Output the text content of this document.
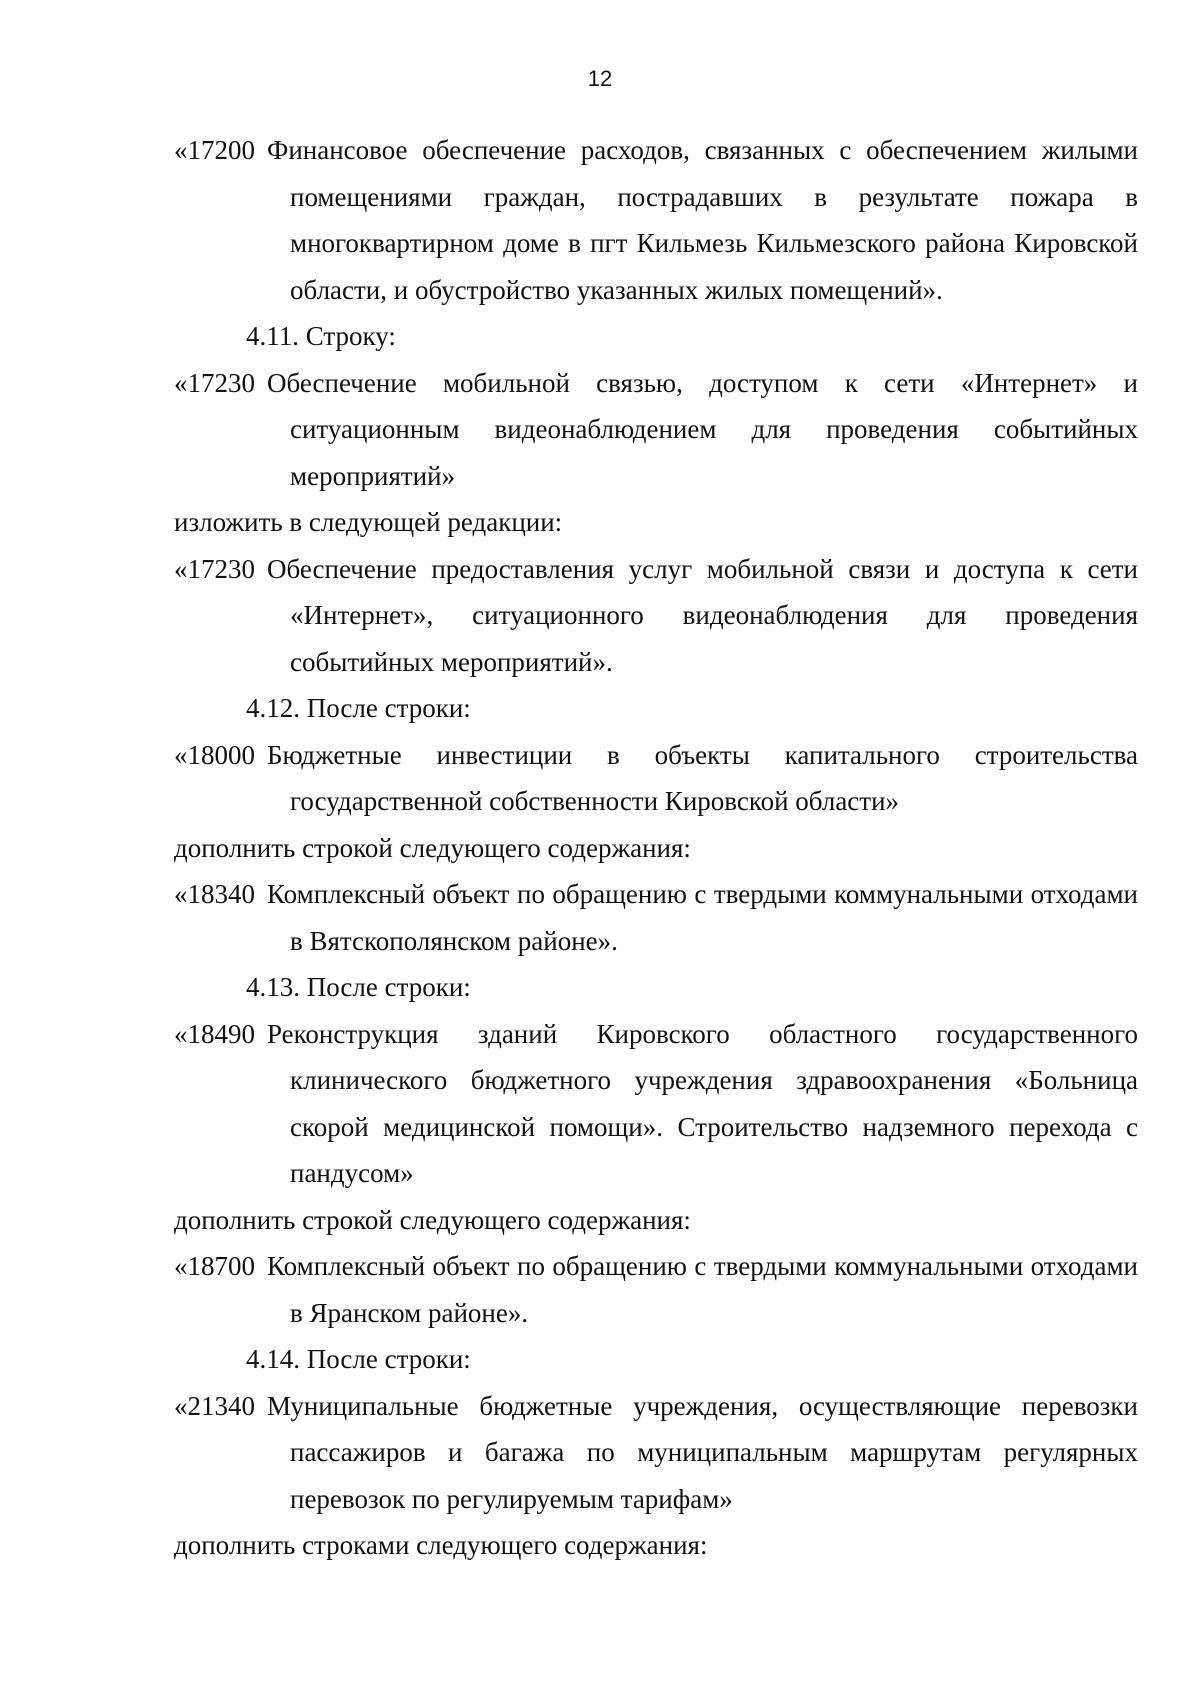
12
«17200 Финансовое обеспечение расходов, связанных с обеспечением жилыми помещениями граждан, пострадавших в результате пожара в многоквартирном доме в пгт Кильмезь Кильмезского района Кировской области, и обустройство указанных жилых помещений».
4.11. Строку:
«17230 Обеспечение мобильной связью, доступом к сети «Интернет» и ситуационным видеонаблюдением для проведения событийных мероприятий»
изложить в следующей редакции:
«17230 Обеспечение предоставления услуг мобильной связи и доступа к сети «Интернет», ситуационного видеонаблюдения для проведения событийных мероприятий».
4.12. После строки:
«18000 Бюджетные инвестиции в объекты капитального строительства государственной собственности Кировской области»
дополнить строкой следующего содержания:
«18340 Комплексный объект по обращению с твердыми коммунальными отходами в Вятскополянском районе».
4.13. После строки:
«18490 Реконструкция зданий Кировского областного государственного клинического бюджетного учреждения здравоохранения «Больница скорой медицинской помощи». Строительство надземного перехода с пандусом»
дополнить строкой следующего содержания:
«18700 Комплексный объект по обращению с твердыми коммунальными отходами в Яранском районе».
4.14. После строки:
«21340 Муниципальные бюджетные учреждения, осуществляющие перевозки пассажиров и багажа по муниципальным маршрутам регулярных перевозок по регулируемым тарифам»
дополнить строками следующего содержания:
